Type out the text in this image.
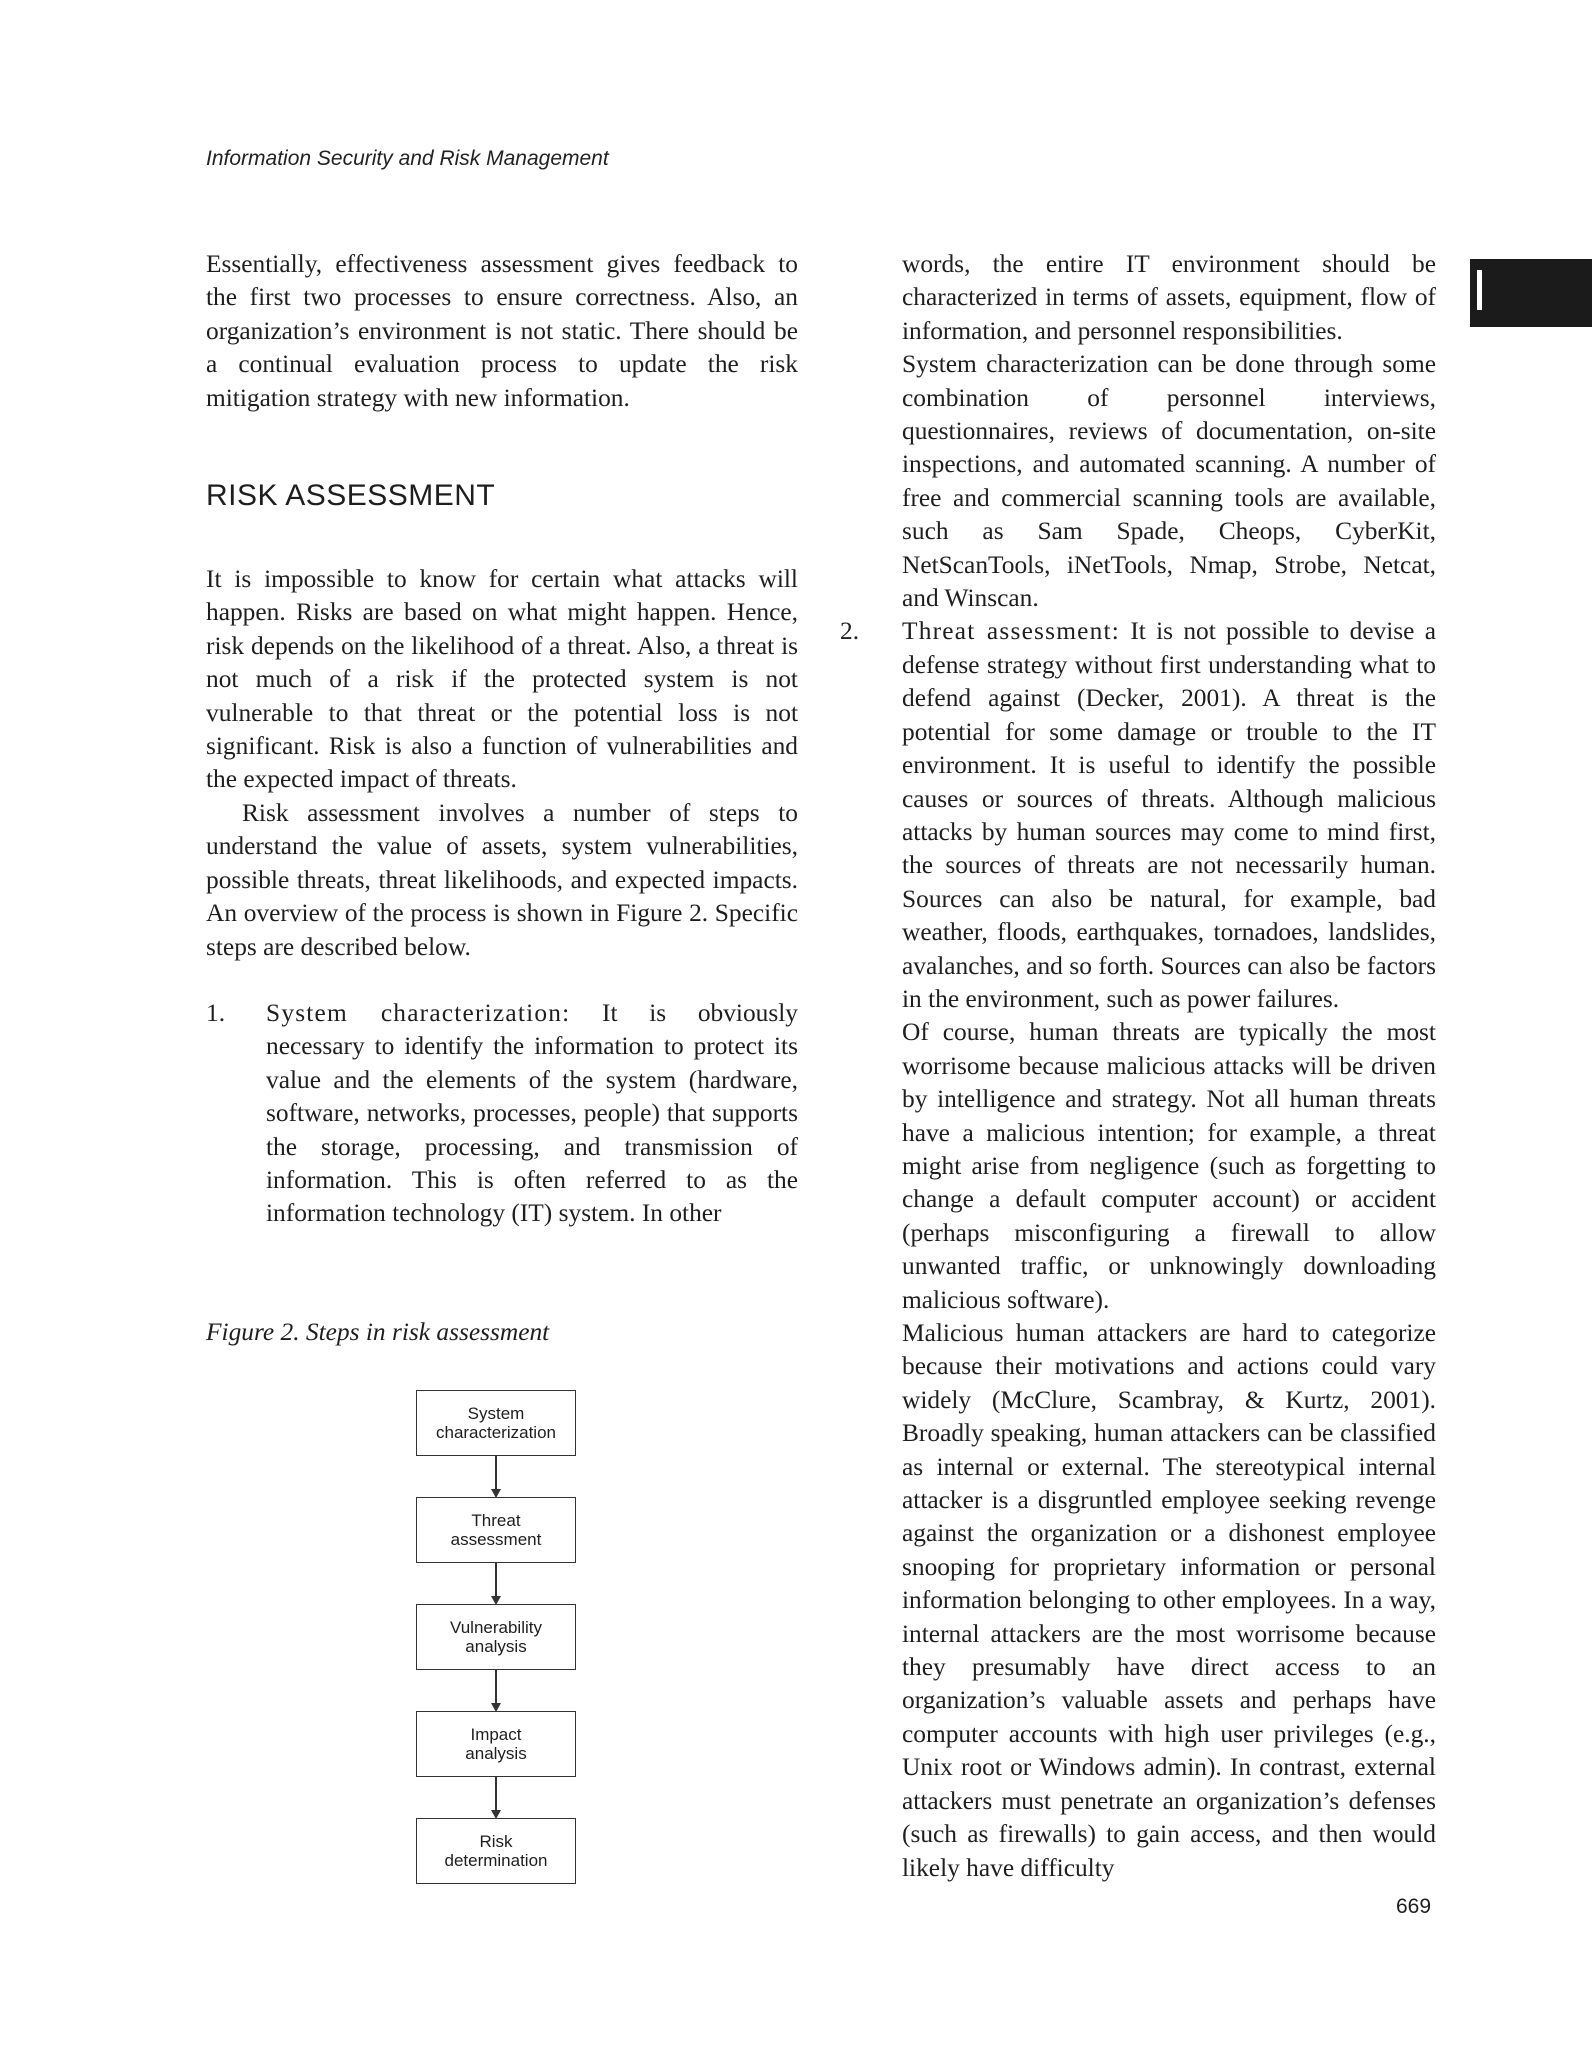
Information Security and Risk Management

Essentially, effectiveness assessment gives feedback to the first two processes to ensure correctness. Also, an organization’s environment is not static. There should be a continual evaluation process to update the risk mitigation strategy with new information.

RISK ASSESSMENT

It is impossible to know for certain what attacks will happen. Risks are based on what might happen. Hence, risk depends on the likelihood of a threat. Also, a threat is not much of a risk if the protected system is not vulnerable to that threat or the potential loss is not significant. Risk is also a function of vulnerabilities and the expected impact of threats.

Risk assessment involves a number of steps to understand the value of assets, system vulnerabilities, possible threats, threat likelihoods, and expected impacts. An overview of the process is shown in Figure 2. Specific steps are described below.

1. System characterization: It is obviously necessary to identify the information to protect its value and the elements of the system (hardware, software, networks, processes, people) that supports the storage, processing, and transmission of information. This is often referred to as the information technology (IT) system. In other
Figure 2. Steps in risk assessment
System
characterization
Threat
assessment
Vulnerability
analysis
Impact
analysis
Risk
determination

words, the entire IT environment should be characterized in terms of assets, equipment, flow of information, and personnel responsibilities.

System characterization can be done through some combination of personnel interviews, questionnaires, reviews of documentation, on-site inspections, and automated scanning. A number of free and commercial scanning tools are available, such as Sam Spade, Cheops, CyberKit, NetScanTools, iNetTools, Nmap, Strobe, Netcat, and Winscan.

2. Threat assessment: It is not possible to devise a defense strategy without first understanding what to defend against (Decker, 2001). A threat is the potential for some damage or trouble to the IT environment. It is useful to identify the possible causes or sources of threats. Although malicious attacks by human sources may come to mind first, the sources of threats are not necessarily human. Sources can also be natural, for example, bad weather, floods, earthquakes, tornadoes, landslides, avalanches, and so forth. Sources can also be factors in the environment, such as power failures.

Of course, human threats are typically the most worrisome because malicious attacks will be driven by intelligence and strategy. Not all human threats have a malicious intention; for example, a threat might arise from negligence (such as forgetting to change a default computer account) or accident (perhaps misconfiguring a firewall to allow unwanted traffic, or unknowingly downloading malicious software).

Malicious human attackers are hard to categorize because their motivations and actions could vary widely (McClure, Scambray, & Kurtz, 2001). Broadly speaking, human attackers can be classified as internal or external. The stereotypical internal attacker is a disgruntled employee seeking revenge against the organization or a dishonest employee snooping for proprietary information or personal information belonging to other employees. In a way, internal attackers are the most worrisome because they presumably have direct access to an organization’s valuable assets and perhaps have computer accounts with high user privileges (e.g., Unix root or Windows admin). In contrast, external attackers must penetrate an organization’s defenses (such as firewalls) to gain access, and then would likely have difficulty

669
